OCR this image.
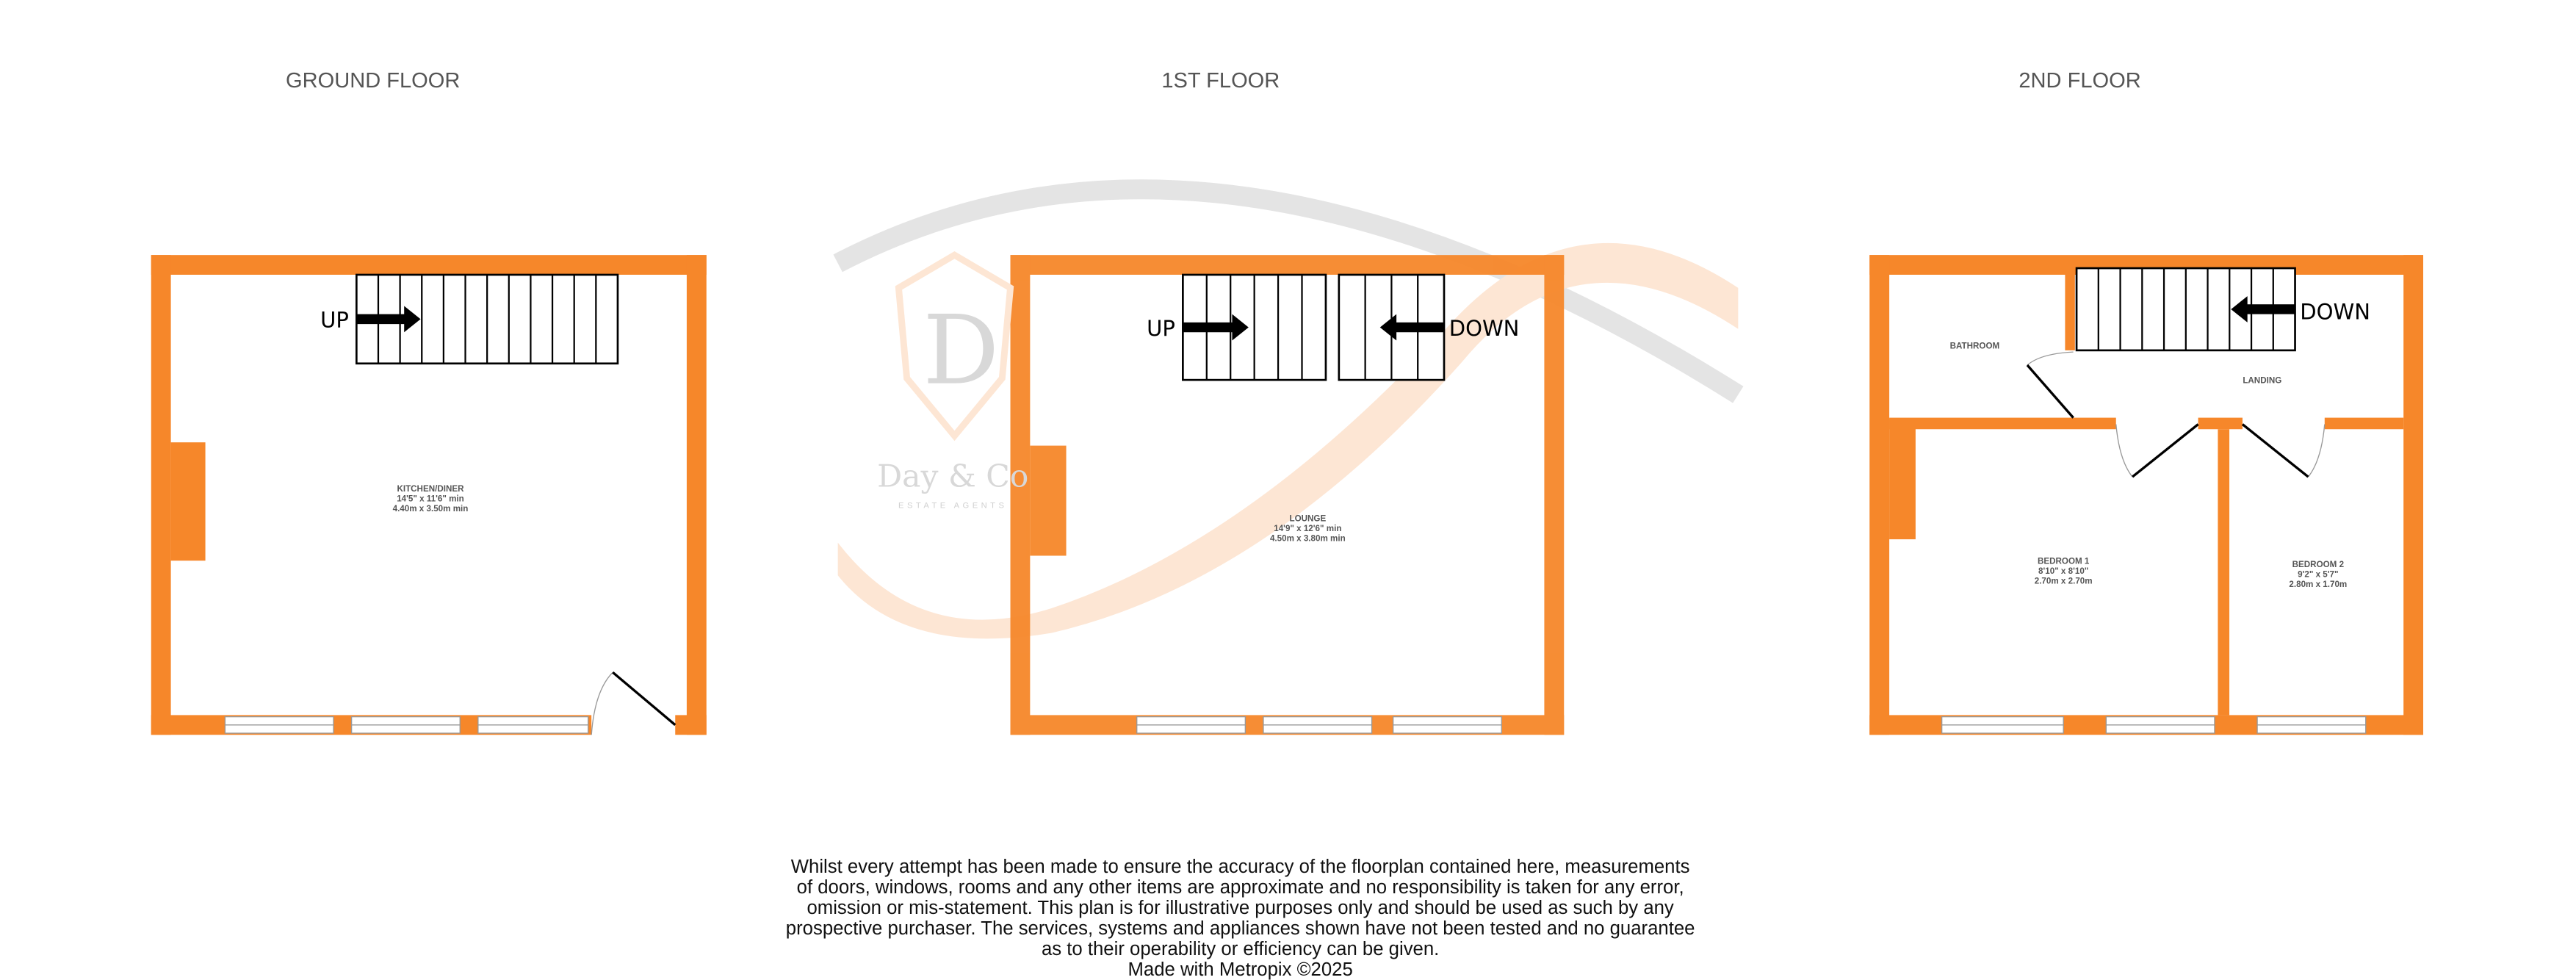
GROUND FLOOR	1ST FLOOR	2ND FLOOR
UP
KITCHEN/DINER
14'5" x 11'6" min
4.40m x 3.50m min
UP	DOWN
LOUNGE
14'9" x 12'6" min
4.50m x 3.80m min
D
Day & Co
ESTATE AGENTS
DOWN
BATHROOM
LANDING
BEDROOM 1
8'10" x 8'10"
2.70m x 2.70m
BEDROOM 2
9'2" x 5'7"
2.80m x 1.70m
Whilst every attempt has been made to ensure the accuracy of the floorplan contained here, measurements
of doors, windows, rooms and any other items are approximate and no responsibility is taken for any error,
omission or mis-statement. This plan is for illustrative purposes only and should be used as such by any
prospective purchaser. The services, systems and appliances shown have not been tested and no guarantee
as to their operability or efficiency can be given.
Made with Metropix ©2025
